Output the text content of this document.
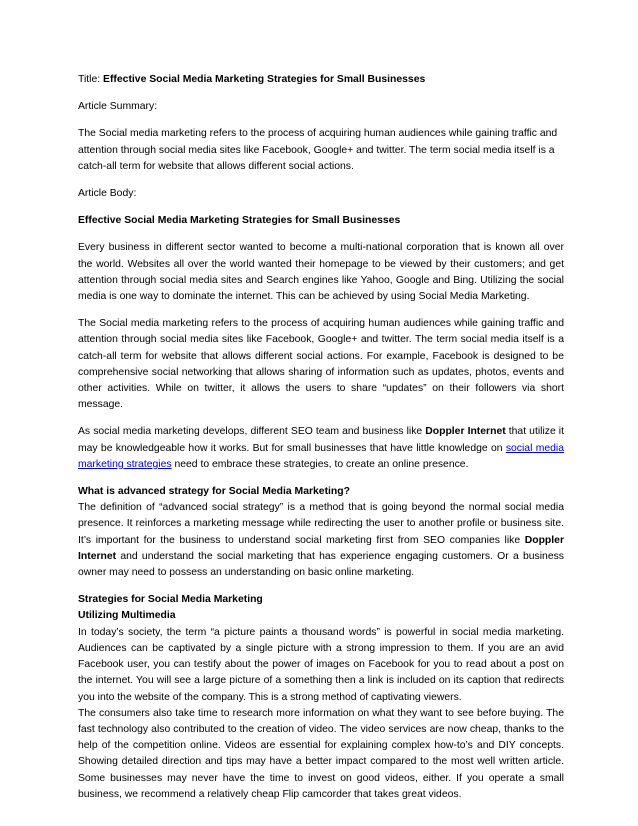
Title: Effective Social Media Marketing Strategies for Small Businesses

Article Summary:

The Social media marketing refers to the process of acquiring human audiences while gaining traffic and attention through social media sites like Facebook, Google+ and twitter. The term social media itself is a catch-all term for website that allows different social actions.

Article Body:

Effective Social Media Marketing Strategies for Small Businesses

Every business in different sector wanted to become a multi-national corporation that is known all over the world. Websites all over the world wanted their homepage to be viewed by their customers; and get attention through social media sites and Search engines like Yahoo, Google and Bing. Utilizing the social media is one way to dominate the internet. This can be achieved by using Social Media Marketing.

The Social media marketing refers to the process of acquiring human audiences while gaining traffic and attention through social media sites like Facebook, Google+ and twitter. The term social media itself is a catch-all term for website that allows different social actions. For example, Facebook is designed to be comprehensive social networking that allows sharing of information such as updates, photos, events and other activities. While on twitter, it allows the users to share “updates” on their followers via short message.

As social media marketing develops, different SEO team and business like Doppler Internet that utilize it may be knowledgeable how it works. But for small businesses that have little knowledge on social media marketing strategies need to embrace these strategies, to create an online presence.

What is advanced strategy for Social Media Marketing?

The definition of “advanced social strategy” is a method that is going beyond the normal social media presence. It reinforces a marketing message while redirecting the user to another profile or business site. It’s important for the business to understand social marketing first from SEO companies like Doppler Internet and understand the social marketing that has experience engaging customers. Or a business owner may need to possess an understanding on basic online marketing.

Strategies for Social Media Marketing

Utilizing Multimedia

In today’s society, the term “a picture paints a thousand words” is powerful in social media marketing. Audiences can be captivated by a single picture with a strong impression to them. If you are an avid Facebook user, you can testify about the power of images on Facebook for you to read about a post on the internet. You will see a large picture of a something then a link is included on its caption that redirects you into the website of the company. This is a strong method of captivating viewers.

The consumers also take time to research more information on what they want to see before buying. The fast technology also contributed to the creation of video. The video services are now cheap, thanks to the help of the competition online. Videos are essential for explaining complex how-to’s and DIY concepts. Showing detailed direction and tips may have a better impact compared to the most well written article. Some businesses may never have the time to invest on good videos, either. If you operate a small business, we recommend a relatively cheap Flip camcorder that takes great videos.
